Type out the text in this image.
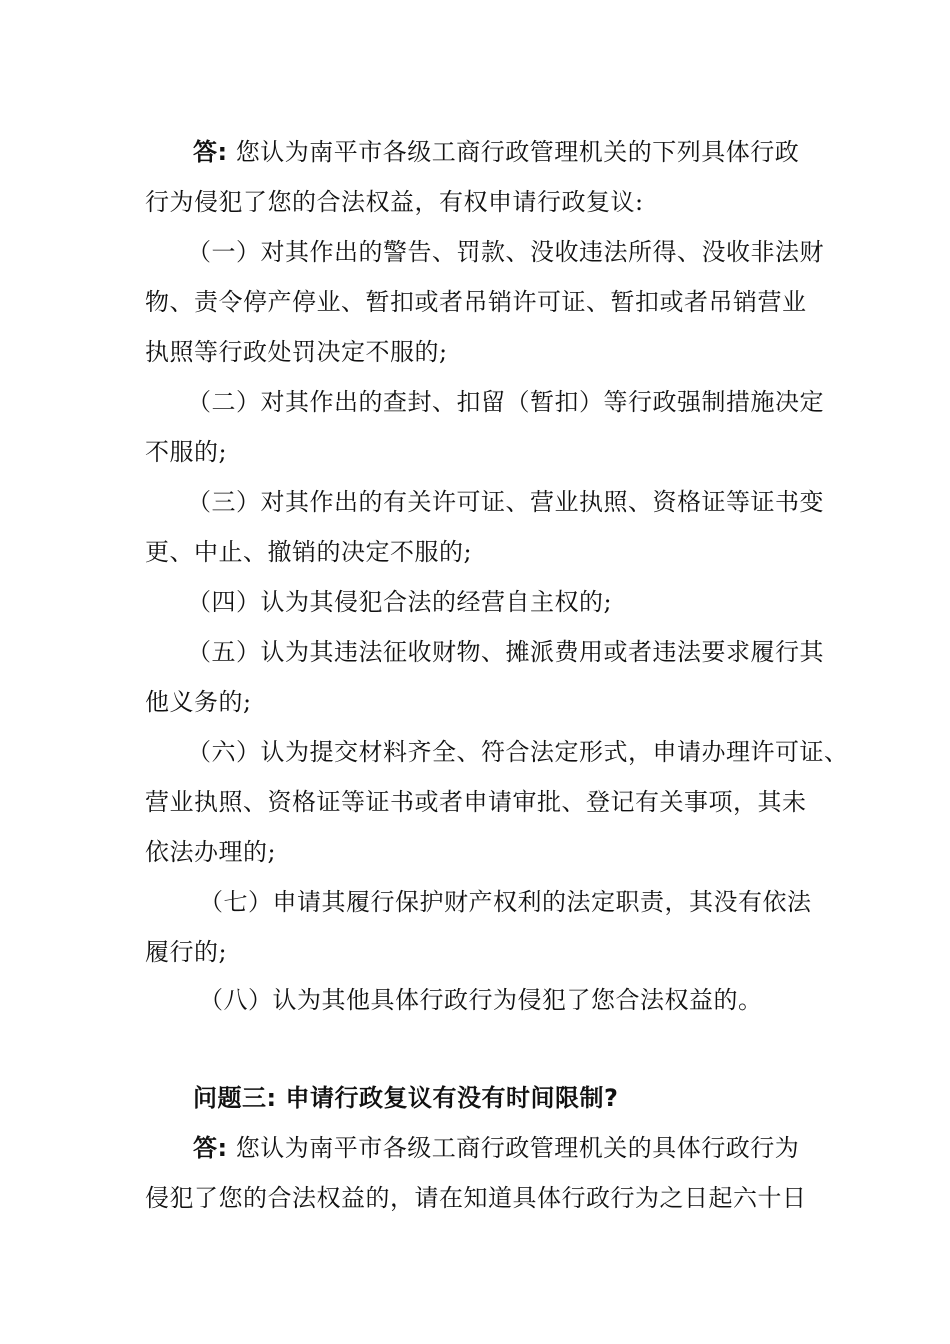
答: 您认为南平市各级工商行政管理机关的下列具体行政
行为侵犯了您的合法权益，有权申请行政复议:
（一）对其作出的警告、罚款、没收违法所得、没收非法财
物、责令停产停业、暂扣或者吊销许可证、暂扣或者吊销营业
执照等行政处罚决定不服的;
（二）对其作出的查封、扣留（暂扣）等行政强制措施决定
不服的;
（三）对其作出的有关许可证、营业执照、资格证等证书变
更、中止、撤销的决定不服的;
（四）认为其侵犯合法的经营自主权的;
（五）认为其违法征收财物、摊派费用或者违法要求履行其
他义务的;
（六）认为提交材料齐全、符合法定形式，申请办理许可证、
营业执照、资格证等证书或者申请审批、登记有关事项，其未
依法办理的;
（七）申请其履行保护财产权利的法定职责，其没有依法
履行的;
（八）认为其他具体行政行为侵犯了您合法权益的。
问题三: 申请行政复议有没有时间限制?
答: 您认为南平市各级工商行政管理机关的具体行政行为
侵犯了您的合法权益的，请在知道具体行政行为之日起六十日
